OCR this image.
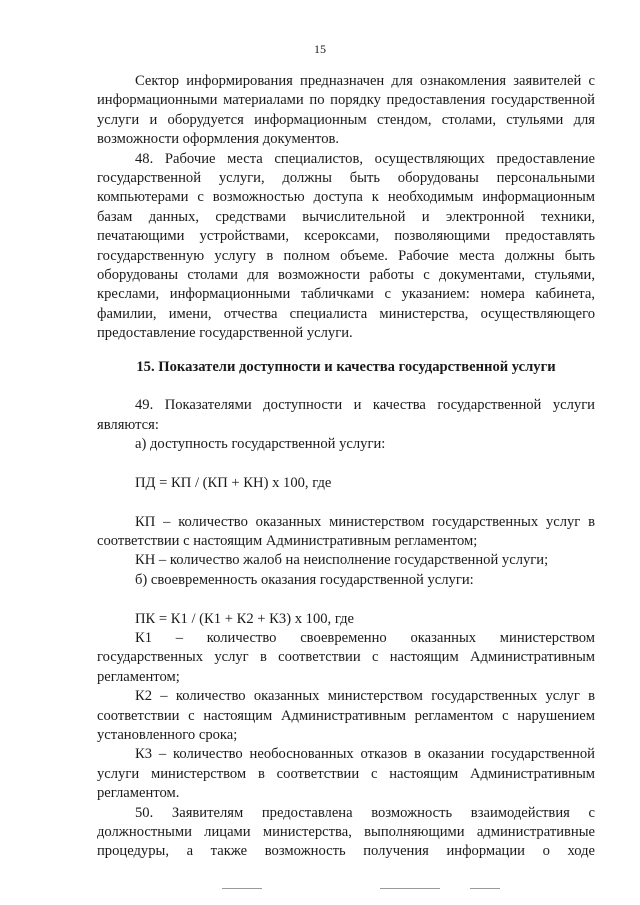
15

Сектор информирования предназначен для ознакомления заявителей с информационными материалами по порядку предоставления государственной услуги и оборудуется информационным стендом, столами, стульями для возможности оформления документов.

48. Рабочие места специалистов, осуществляющих предоставление государственной услуги, должны быть оборудованы персональными компьютерами с возможностью доступа к необходимым информационным базам данных, средствами вычислительной и электронной техники, печатающими устройствами, ксероксами, позволяющими предоставлять государственную услугу в полном объеме. Рабочие места должны быть оборудованы столами для возможности работы с документами, стульями, креслами, информационными табличками с указанием: номера кабинета, фамилии, имени, отчества специалиста министерства, осуществляющего предоставление государственной услуги.

15. Показатели доступности и качества государственной услуги

49. Показателями доступности и качества государственной услуги являются:

а) доступность государственной услуги:

ПД = КП / (КП + КН) х 100, где

КП – количество оказанных министерством государственных услуг в соответствии с настоящим Административным регламентом;

КН – количество жалоб на неисполнение государственной услуги;

б) своевременность оказания государственной услуги:

ПК = К1 / (К1 + К2 + К3) х 100, где

К1 – количество своевременно оказанных министерством государственных услуг в соответствии с настоящим Административным регламентом;

К2 – количество оказанных министерством государственных услуг в соответствии с настоящим Административным регламентом с нарушением установленного срока;

К3 – количество необоснованных отказов в оказании государственной услуги министерством в соответствии с настоящим Административным регламентом.

50. Заявителям предоставлена возможность взаимодействия с должностными лицами министерства, выполняющими административные процедуры, а также возможность получения информации о ходе
